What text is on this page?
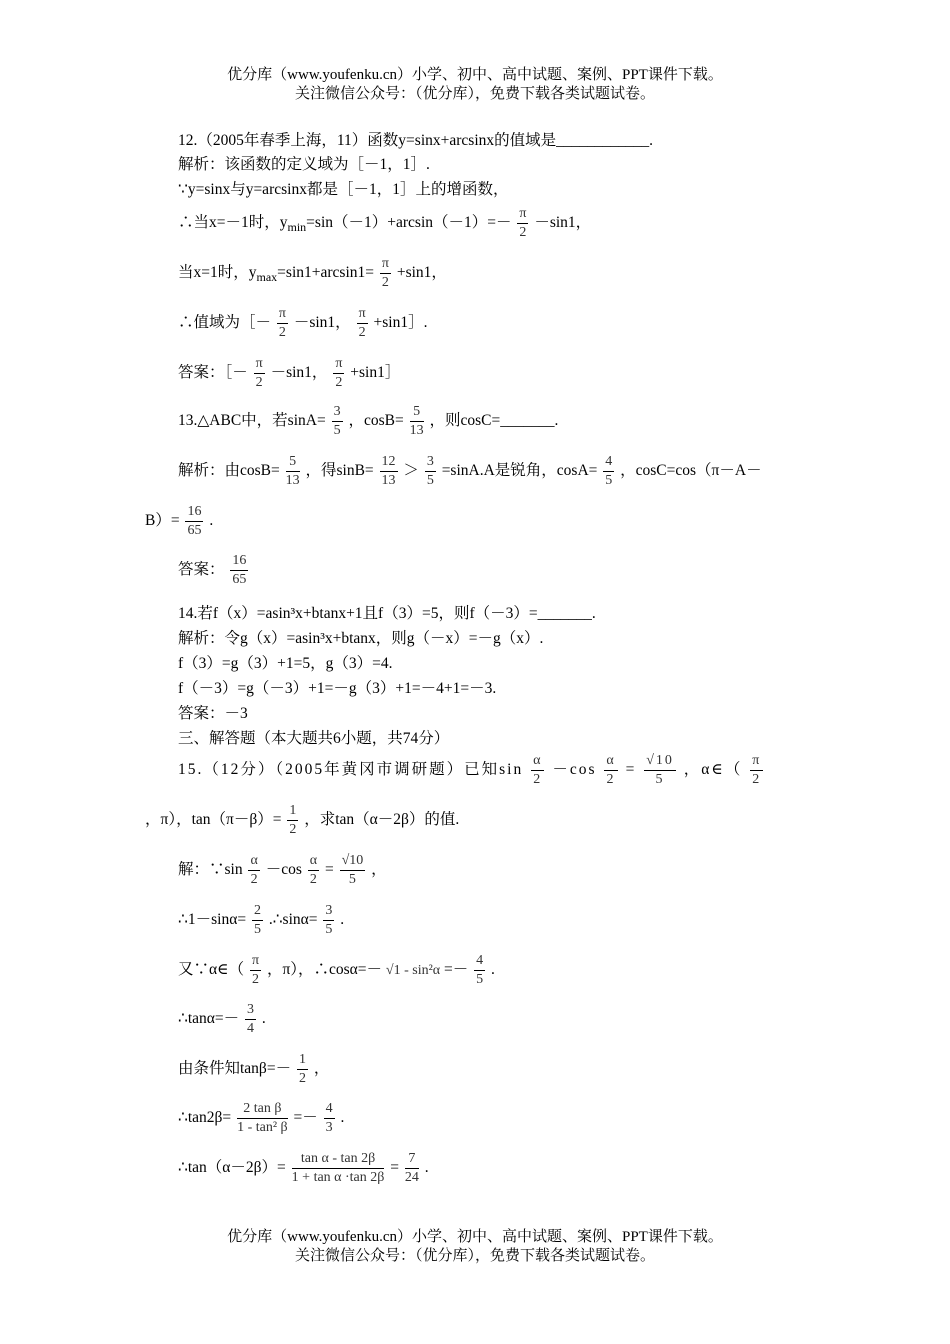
优分库（www.youfenku.cn）小学、初中、高中试题、案例、PPT课件下载。
关注微信公众号：（优分库），免费下载各类试题试卷。
12.（2005年春季上海，11）函数y=sinx+arcsinx的值域是____________.
解析：该函数的定义域为［－1，1］.
∵y=sinx与y=arcsinx都是［－1，1］上的增函数，
∴当x=－1时，$y_{min}=\sin(-1)+\arcsin(-1)=- \frac{\pi}{2} -\sin 1$，
当x=1时，$y_{max}=\sin 1+\arcsin 1= \frac{\pi}{2} +\sin 1$，
∴值域为［－ $\frac{\pi}{2} -\sin 1$， $\frac{\pi}{2}$ +sin1］.
答案：［－ $\frac{\pi}{2} -\sin 1$， $\frac{\pi}{2}$ +sin1］
13.△ABC中，若$\sin A= \frac{3}{5}$ ，$\cos B= \frac{5}{13}$ ，则cosC=_______.
解析：由$\cos B= \frac{5}{13}$ ，得$\sin B= \frac{12}{13} > \frac{3}{5} =\sin A.A$是锐角，$\cos A= \frac{4}{5}$ ，cosC=cos（π－A－
$B)= \frac{16}{65}$ .
答案： $\frac{16}{65}$
14.若f（x）=asin³x+btanx+1且f（3）=5，则f（－3）=_______.
解析：令g（x）=asin³x+btanx，则g（－x）=－g（x）.
f（3）=g（3）+1=5，g（3）=4.
f（－3）=g（－3）+1=－g（3）+1=－4+1=－3.
答案：－3
三、解答题（本大题共6小题，共74分）
15.（12分）（2005年黄冈市调研题）已知$\sin \frac{\alpha}{2} -\cos \frac{\alpha}{2} = \frac{√10}{5}$ ，α∈（ $\frac{\pi}{2}$
，π），$\tan(\pi-\beta)= \frac{1}{2}$ ，求tan（α－2β）的值.
解：∵sin $\frac{\alpha}{2} -\cos \frac{\alpha}{2} = \frac{√10}{5}$ ，
∴1－sinα= $\frac{2}{5}$ .∴sinα= $\frac{3}{5}$ .
又∵α∈（ $\frac{\pi}{2}$ ，π），∴cosα=－ $√1 - \sin^2\alpha =- \frac{4}{5}$ .
∴tanα=－ $\frac{3}{4}$ .
由条件知$\tan\beta=- \frac{1}{2}$ ，
∴tan2β= $\frac{\text{2 tan β}}{\text{1 - tan² β}} =- \frac{4}{3}$ .
∴tan（α－2β）= $\frac{\text{tan α - tan 2β}}{\text{1 + tan α ·tan 2β}} = \frac{7}{24}$ .
优分库（www.youfenku.cn）小学、初中、高中试题、案例、PPT课件下载。
关注微信公众号：（优分库），免费下载各类试题试卷。
